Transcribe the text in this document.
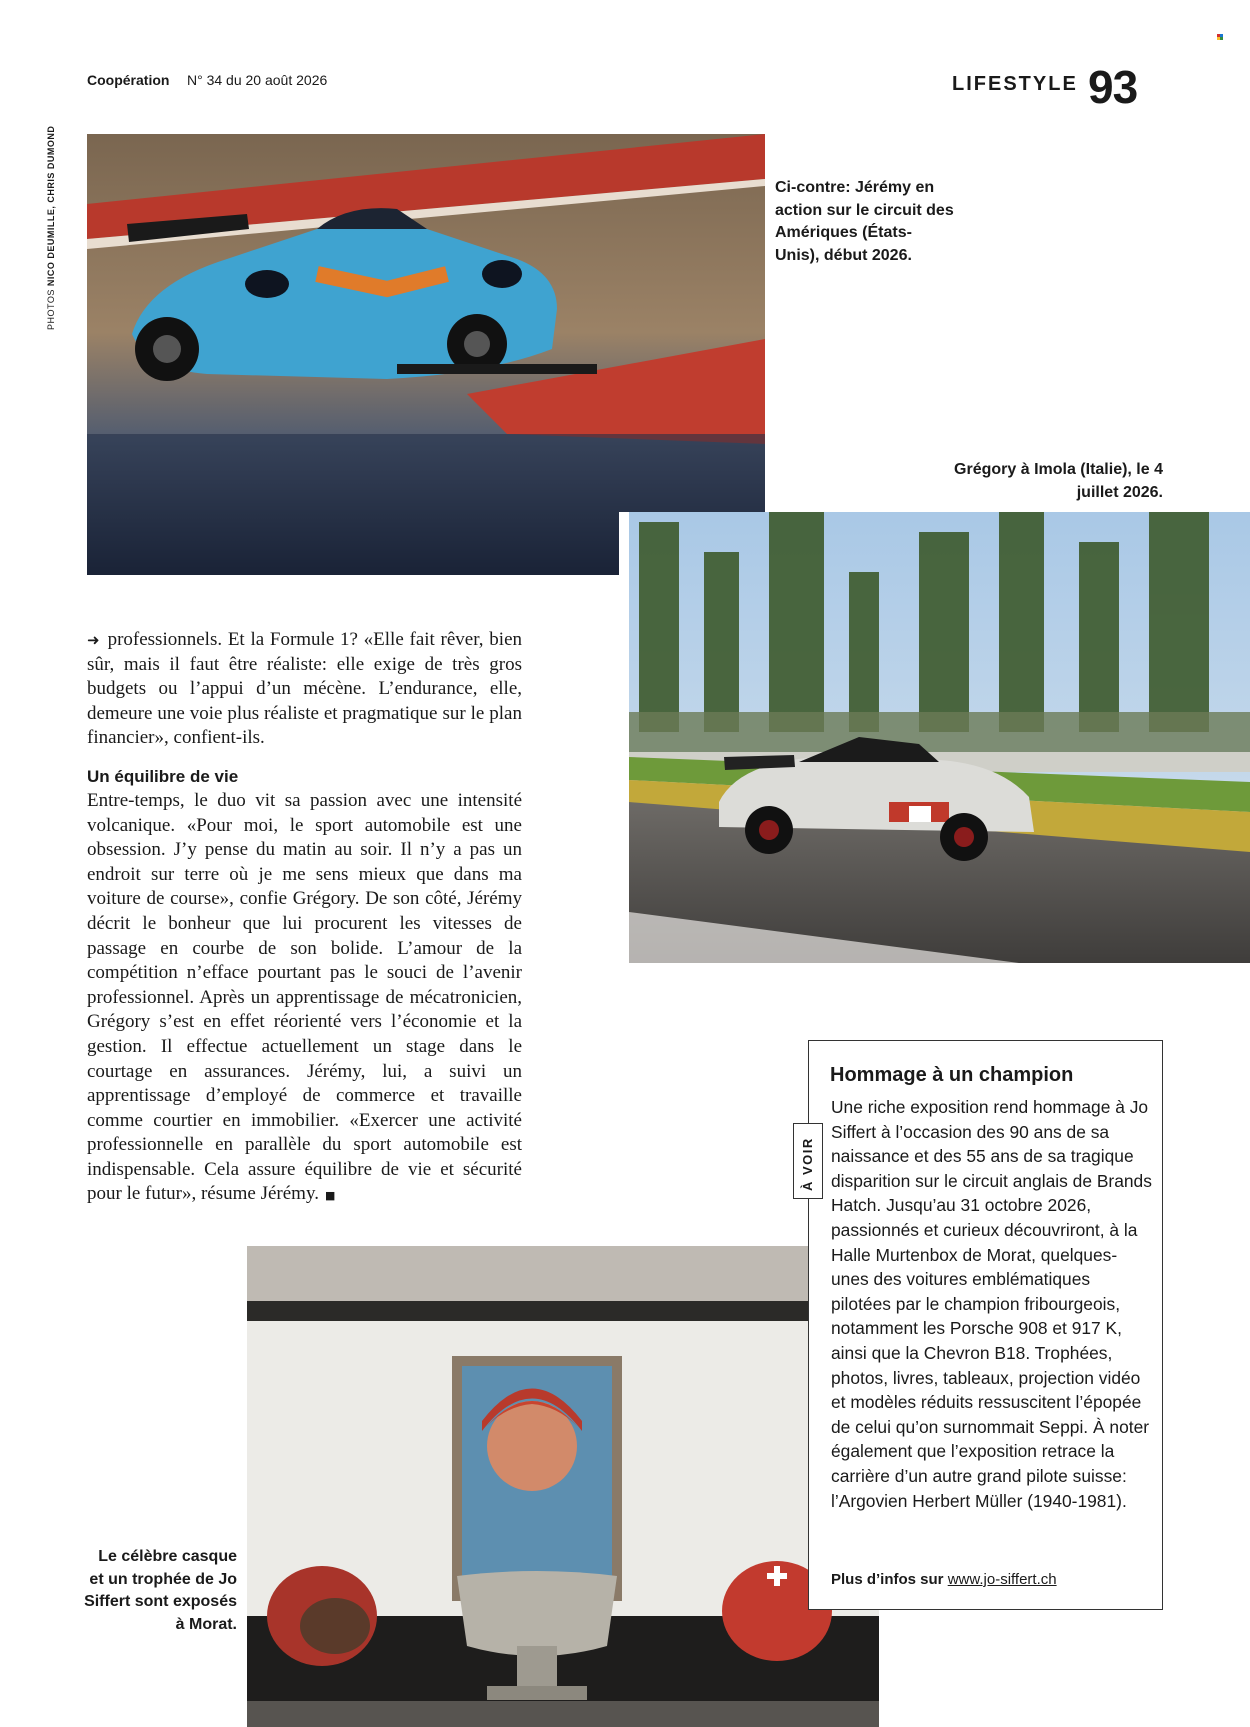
Coopération N° 34 du 20 août 2026	LIFESTYLE 93
PHOTOS NICO DEUMILLE, CHRIS DUMOND	Ci-contre: Jérémy en action sur le circuit des Amériques (États-Unis), début 2026.
Grégory à Imola (Italie), le 4 juillet 2026.
Le célèbre casque et un trophée de Jo Siffert sont exposés à Morat.

➜ professionnels. Et la Formule 1? «Elle fait rêver, bien sûr, mais il faut être réaliste: elle exige de très gros budgets ou l’appui d’un mécène. L’endurance, elle, demeure une voie plus réaliste et pragmatique sur le plan financier», confient-ils.

Un équilibre de vie

Entre-temps, le duo vit sa passion avec une intensité volcanique. «Pour moi, le sport automobile est une obsession. J’y pense du matin au soir. Il n’y a pas un endroit sur terre où je me sens mieux que dans ma voiture de course», confie Grégory. De son côté, Jérémy décrit le bonheur que lui procurent les vitesses de passage en courbe de son bolide. L’amour de la compétition n’efface pourtant pas le souci de l’avenir professionnel. Après un apprentissage de mécatronicien, Grégory s’est en effet réorienté vers l’économie et la gestion. Il effectue actuellement un stage dans le courtage en assurances. Jérémy, lui, a suivi un apprentissage d’employé de commerce et travaille comme courtier en immobilier. «Exercer une activité professionnelle en parallèle du sport automobile est indispensable. Cela assure équilibre de vie et sécurité pour le futur», résume Jérémy. ■

À VOIR
Hommage à un champion
Une riche exposition rend hommage à Jo Siffert à l’occasion des 90 ans de sa naissance et des 55 ans de sa tragique disparition sur le circuit anglais de Brands Hatch. Jusqu’au 31 octobre 2026, passionnés et curieux découvriront, à la Halle Murtenbox de Morat, quelques-unes des voitures emblématiques pilotées par le champion fribourgeois, notamment les Porsche 908 et 917 K, ainsi que la Chevron B18. Trophées, photos, livres, tableaux, projection vidéo et modèles réduits ressuscitent l’épopée de celui qu’on surnommait Seppi. À noter également que l’exposition retrace la carrière d’un autre grand pilote suisse: l’Argovien Herbert Müller (1940-1981).
Plus d’infos sur www.jo-siffert.ch
